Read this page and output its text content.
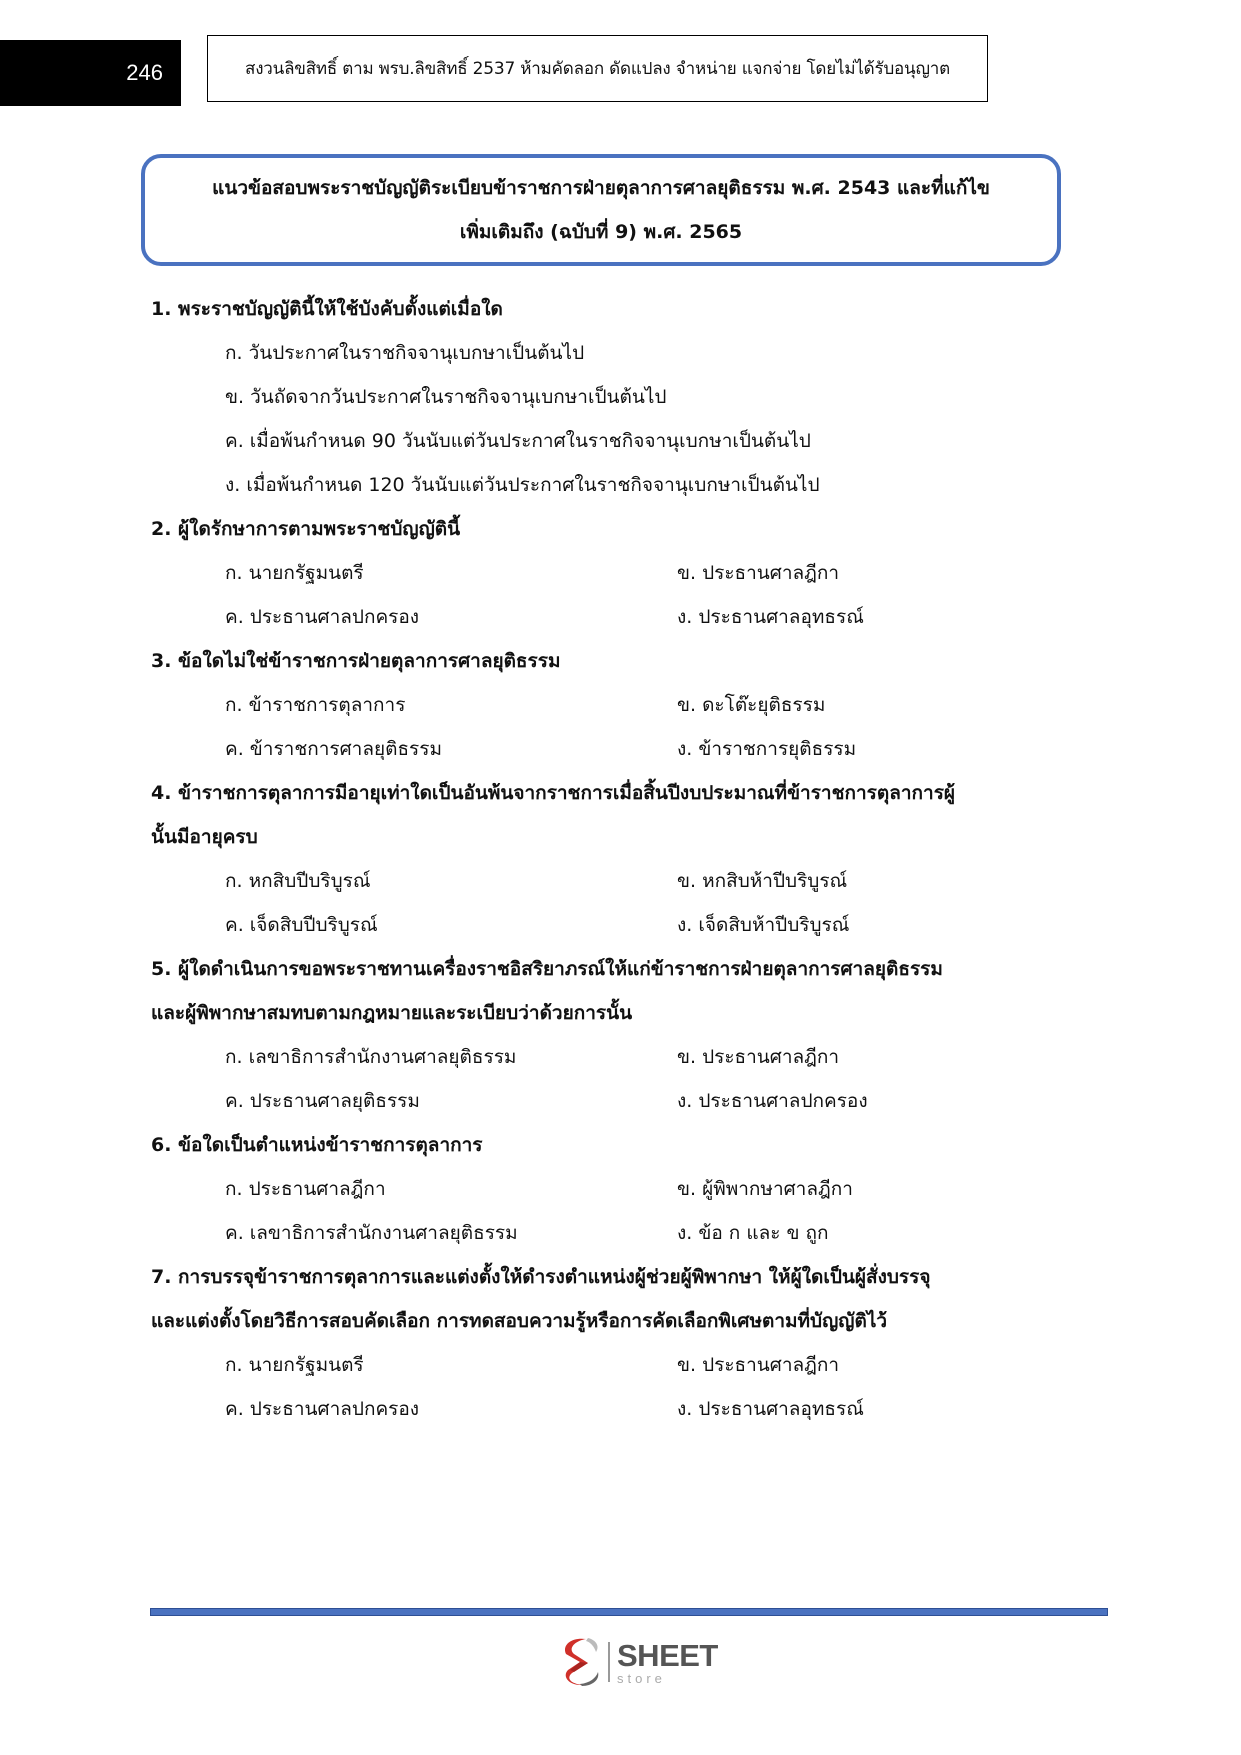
246	สงวนลิขสิทธิ์ ตาม พรบ.ลิขสิทธิ์ 2537 ห้ามคัดลอก ดัดแปลง จำหน่าย แจกจ่าย โดยไม่ได้รับอนุญาต
แนวข้อสอบพระราชบัญญัติระเบียบข้าราชการฝ่ายตุลาการศาลยุติธรรม พ.ศ. 2543 และที่แก้ไข
เพิ่มเติมถึง (ฉบับที่ 9) พ.ศ. 2565

1. พระราชบัญญัตินี้ให้ใช้บังคับตั้งแต่เมื่อใด

ก. วันประกาศในราชกิจจานุเบกษาเป็นต้นไป
ข. วันถัดจากวันประกาศในราชกิจจานุเบกษาเป็นต้นไป
ค. เมื่อพ้นกำหนด 90 วันนับแต่วันประกาศในราชกิจจานุเบกษาเป็นต้นไป
ง. เมื่อพ้นกำหนด 120 วันนับแต่วันประกาศในราชกิจจานุเบกษาเป็นต้นไป

2. ผู้ใดรักษาการตามพระราชบัญญัตินี้

ก. นายกรัฐมนตรี	ข. ประธานศาลฎีกา
ค. ประธานศาลปกครอง	ง. ประธานศาลอุทธรณ์

3. ข้อใดไม่ใช่ข้าราชการฝ่ายตุลาการศาลยุติธรรม

ก. ข้าราชการตุลาการ	ข. ดะโต๊ะยุติธรรม
ค. ข้าราชการศาลยุติธรรม	ง. ข้าราชการยุติธรรม

4. ข้าราชการตุลาการมีอายุเท่าใดเป็นอันพ้นจากราชการเมื่อสิ้นปีงบประมาณที่ข้าราชการตุลาการผู้

นั้นมีอายุครบ

ก. หกสิบปีบริบูรณ์	ข. หกสิบห้าปีบริบูรณ์
ค. เจ็ดสิบปีบริบูรณ์	ง. เจ็ดสิบห้าปีบริบูรณ์

5. ผู้ใดดำเนินการขอพระราชทานเครื่องราชอิสริยาภรณ์ให้แก่ข้าราชการฝ่ายตุลาการศาลยุติธรรม

และผู้พิพากษาสมทบตามกฎหมายและระเบียบว่าด้วยการนั้น

ก. เลขาธิการสำนักงานศาลยุติธรรม	ข. ประธานศาลฎีกา
ค. ประธานศาลยุติธรรม	ง. ประธานศาลปกครอง

6. ข้อใดเป็นตำแหน่งข้าราชการตุลาการ

ก. ประธานศาลฎีกา	ข. ผู้พิพากษาศาลฎีกา
ค. เลขาธิการสำนักงานศาลยุติธรรม	ง. ข้อ ก และ ข ถูก

7. การบรรจุข้าราชการตุลาการและแต่งตั้งให้ดำรงตำแหน่งผู้ช่วยผู้พิพากษา ให้ผู้ใดเป็นผู้สั่งบรรจุ

และแต่งตั้งโดยวิธีการสอบคัดเลือก การทดสอบความรู้หรือการคัดเลือกพิเศษตามที่บัญญัติไว้

ก. นายกรัฐมนตรี	ข. ประธานศาลฎีกา
ค. ประธานศาลปกครอง	ง. ประธานศาลอุทธรณ์
SHEET
store
